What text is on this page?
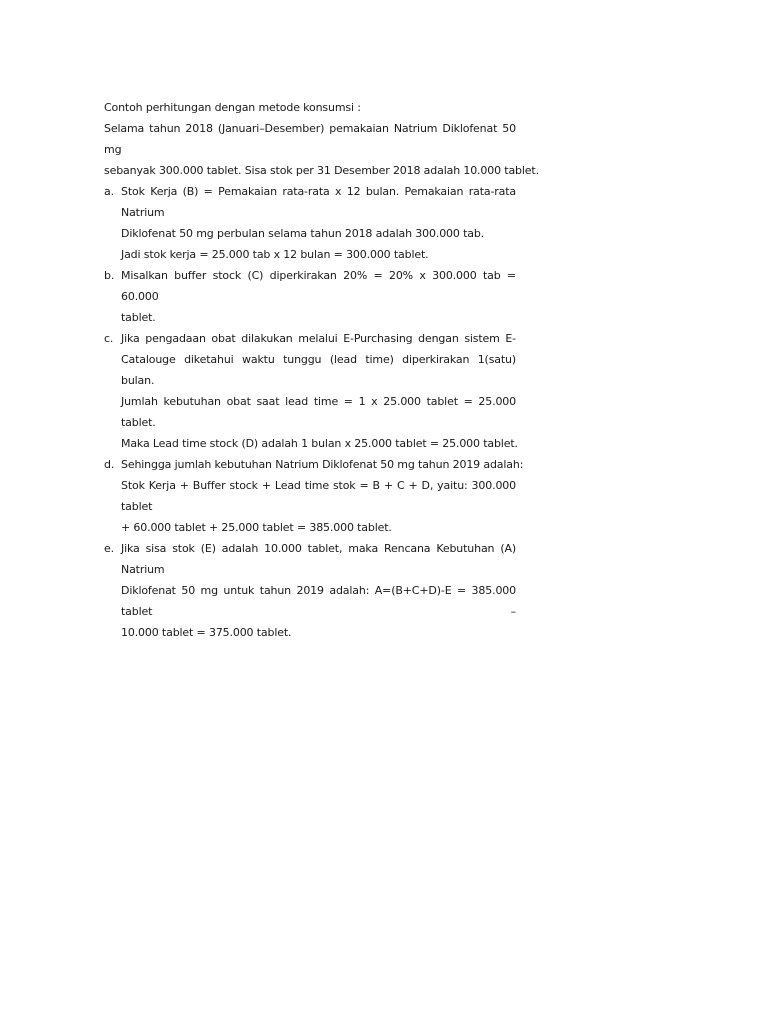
Contoh perhitungan dengan metode konsumsi :
Selama tahun 2018 (Januari–Desember) pemakaian Natrium Diklofenat 50 mg
sebanyak 300.000 tablet. Sisa stok per 31 Desember 2018 adalah 10.000 tablet.
a. Stok Kerja (B) = Pemakaian rata-rata x 12 bulan. Pemakaian rata-rata Natrium
Diklofenat 50 mg perbulan selama tahun 2018 adalah 300.000 tab.
Jadi stok kerja = 25.000 tab x 12 bulan = 300.000 tablet.
b. Misalkan buffer stock (C) diperkirakan 20% = 20% x 300.000 tab = 60.000
tablet.
c. Jika pengadaan obat dilakukan melalui E-Purchasing dengan sistem E-
Catalouge diketahui waktu tunggu (lead time) diperkirakan 1(satu) bulan.
Jumlah kebutuhan obat saat lead time = 1 x 25.000 tablet = 25.000 tablet.
Maka Lead time stock (D) adalah 1 bulan x 25.000 tablet = 25.000 tablet.
d. Sehingga jumlah kebutuhan Natrium Diklofenat 50 mg tahun 2019 adalah:
Stok Kerja + Buffer stock + Lead time stok = B + C + D, yaitu: 300.000 tablet
+ 60.000 tablet + 25.000 tablet = 385.000 tablet.
e. Jika sisa stok (E) adalah 10.000 tablet, maka Rencana Kebutuhan (A) Natrium
Diklofenat 50 mg untuk tahun 2019 adalah: A=(B+C+D)-E = 385.000 tablet –
10.000 tablet = 375.000 tablet.
